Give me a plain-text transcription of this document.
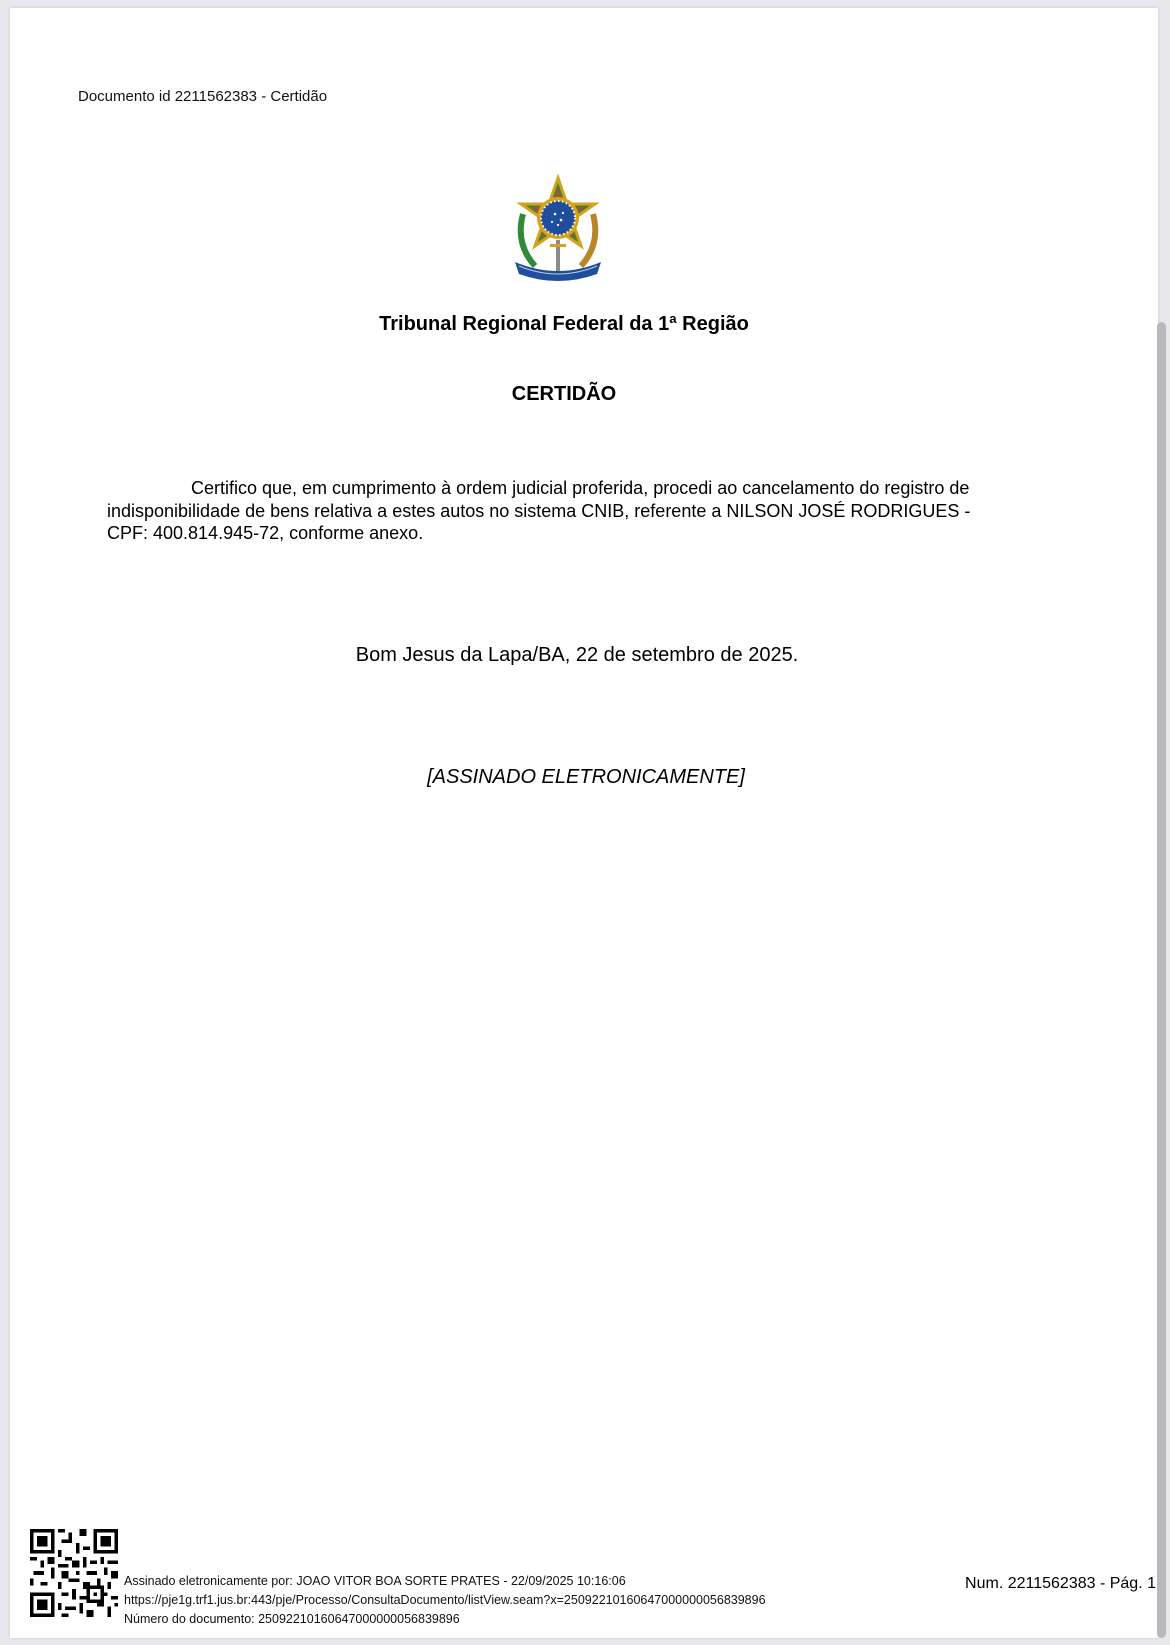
Documento id 2211562383 - Certidão
Tribunal Regional Federal da 1ª Região
CERTIDÃO

Certifico que, em cumprimento à ordem judicial proferida, procedi ao cancelamento do registro de indisponibilidade de bens relativa a estes autos no sistema CNIB, referente a NILSON JOSÉ RODRIGUES - CPF: 400.814.945-72, conforme anexo.

Bom Jesus da Lapa/BA, 22 de setembro de 2025.
[ASSINADO ELETRONICAMENTE]
Assinado eletronicamente por: JOAO VITOR BOA SORTE PRATES - 22/09/2025 10:16:06
https://pje1g.trf1.jus.br:443/pje/Processo/ConsultaDocumento/listView.seam?x=25092210160647000000056839896
Número do documento: 25092210160647000000056839896
Num. 2211562383 - Pág. 1
